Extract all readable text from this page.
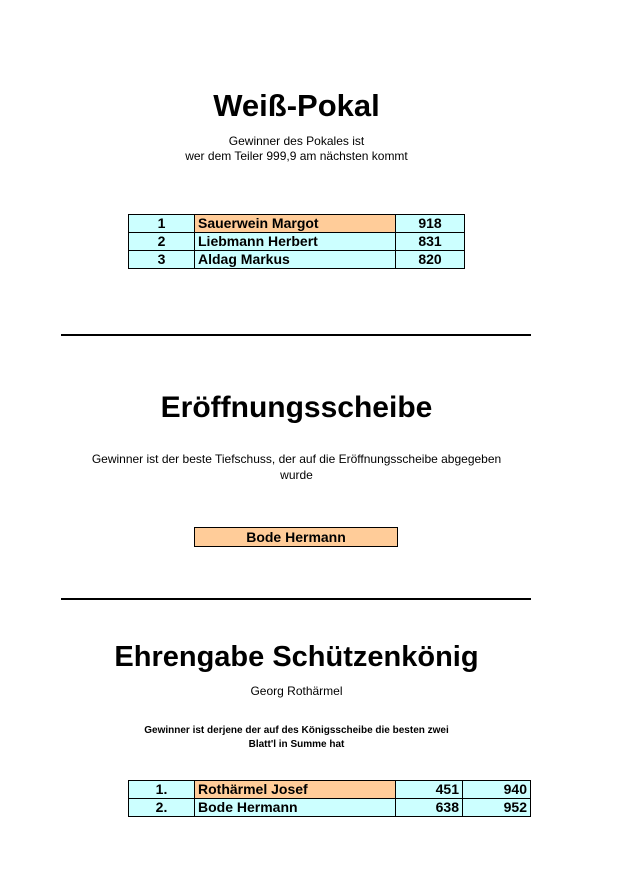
Weiß-Pokal
Gewinner des Pokales ist
wer dem Teiler 999,9 am nächsten kommt
1	Sauerwein Margot	918
2	Liebmann Herbert	831
3	Aldag Markus	820
Eröffnungsscheibe
Gewinner ist der beste Tiefschuss, der auf die Eröffnungsscheibe abgegeben
wurde
Bode Hermann
Ehrengabe Schützenkönig
Georg Rothärmel
Gewinner ist derjene der auf des Königsscheibe die besten zwei
Blatt'l in Summe hat
1.	Rothärmel Josef	451	940
2.	Bode Hermann	638	952
